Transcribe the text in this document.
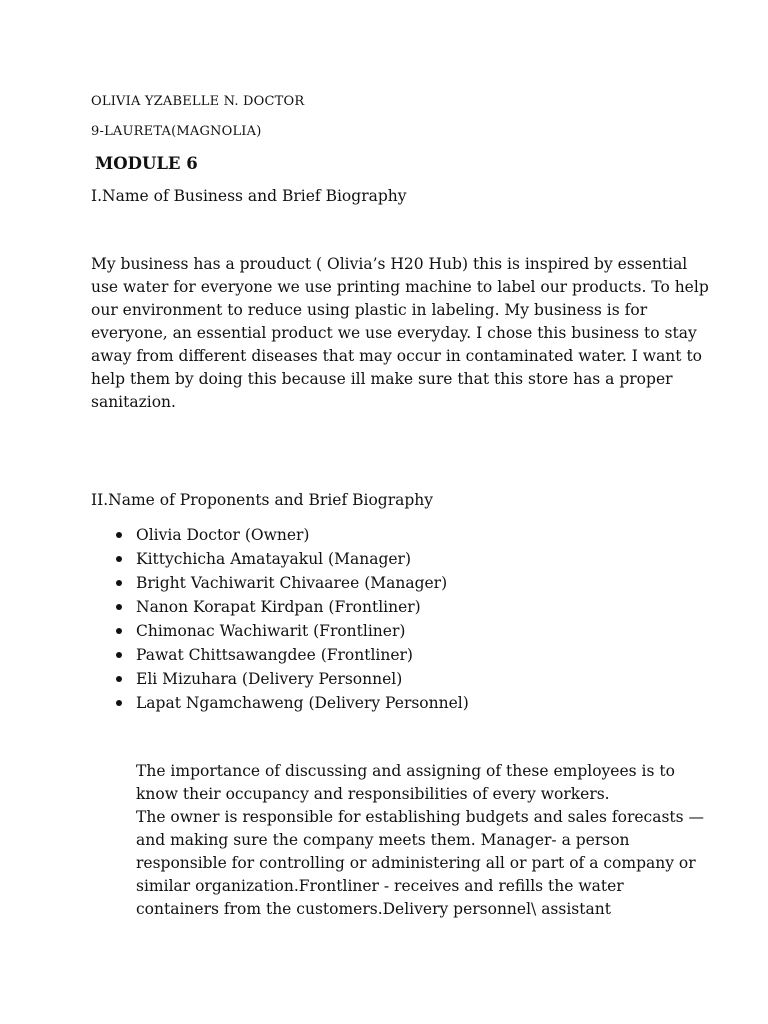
OLIVIA YZABELLE N. DOCTOR
9-LAURETA(MAGNOLIA)
MODULE 6
I.Name of Business and Brief Biography
My business has a prouduct ( Olivia’s H20 Hub) this is inspired by essential
use water for everyone we use printing machine to label our products. To help
our environment to reduce using plastic in labeling. My business is for
everyone, an essential product we use everyday. I chose this business to stay
away from different diseases that may occur in contaminated water. I want to
help them by doing this because ill make sure that this store has a proper
sanitazion.
II.Name of Proponents and Brief Biography
Olivia Doctor (Owner)
Kittychicha Amatayakul (Manager)
Bright Vachiwarit Chivaaree (Manager)
Nanon Korapat Kirdpan (Frontliner)
Chimonac Wachiwarit (Frontliner)
Pawat Chittsawangdee (Frontliner)
Eli Mizuhara (Delivery Personnel)
Lapat Ngamchaweng (Delivery Personnel)
The importance of discussing and assigning of these employees is to
know their occupancy and responsibilities of every workers.
The owner is responsible for establishing budgets and sales forecasts —
and making sure the company meets them. Manager- a person
responsible for controlling or administering all or part of a company or
similar organization.Frontliner - receives and refills the water
containers from the customers.Delivery personnel\ assistant
